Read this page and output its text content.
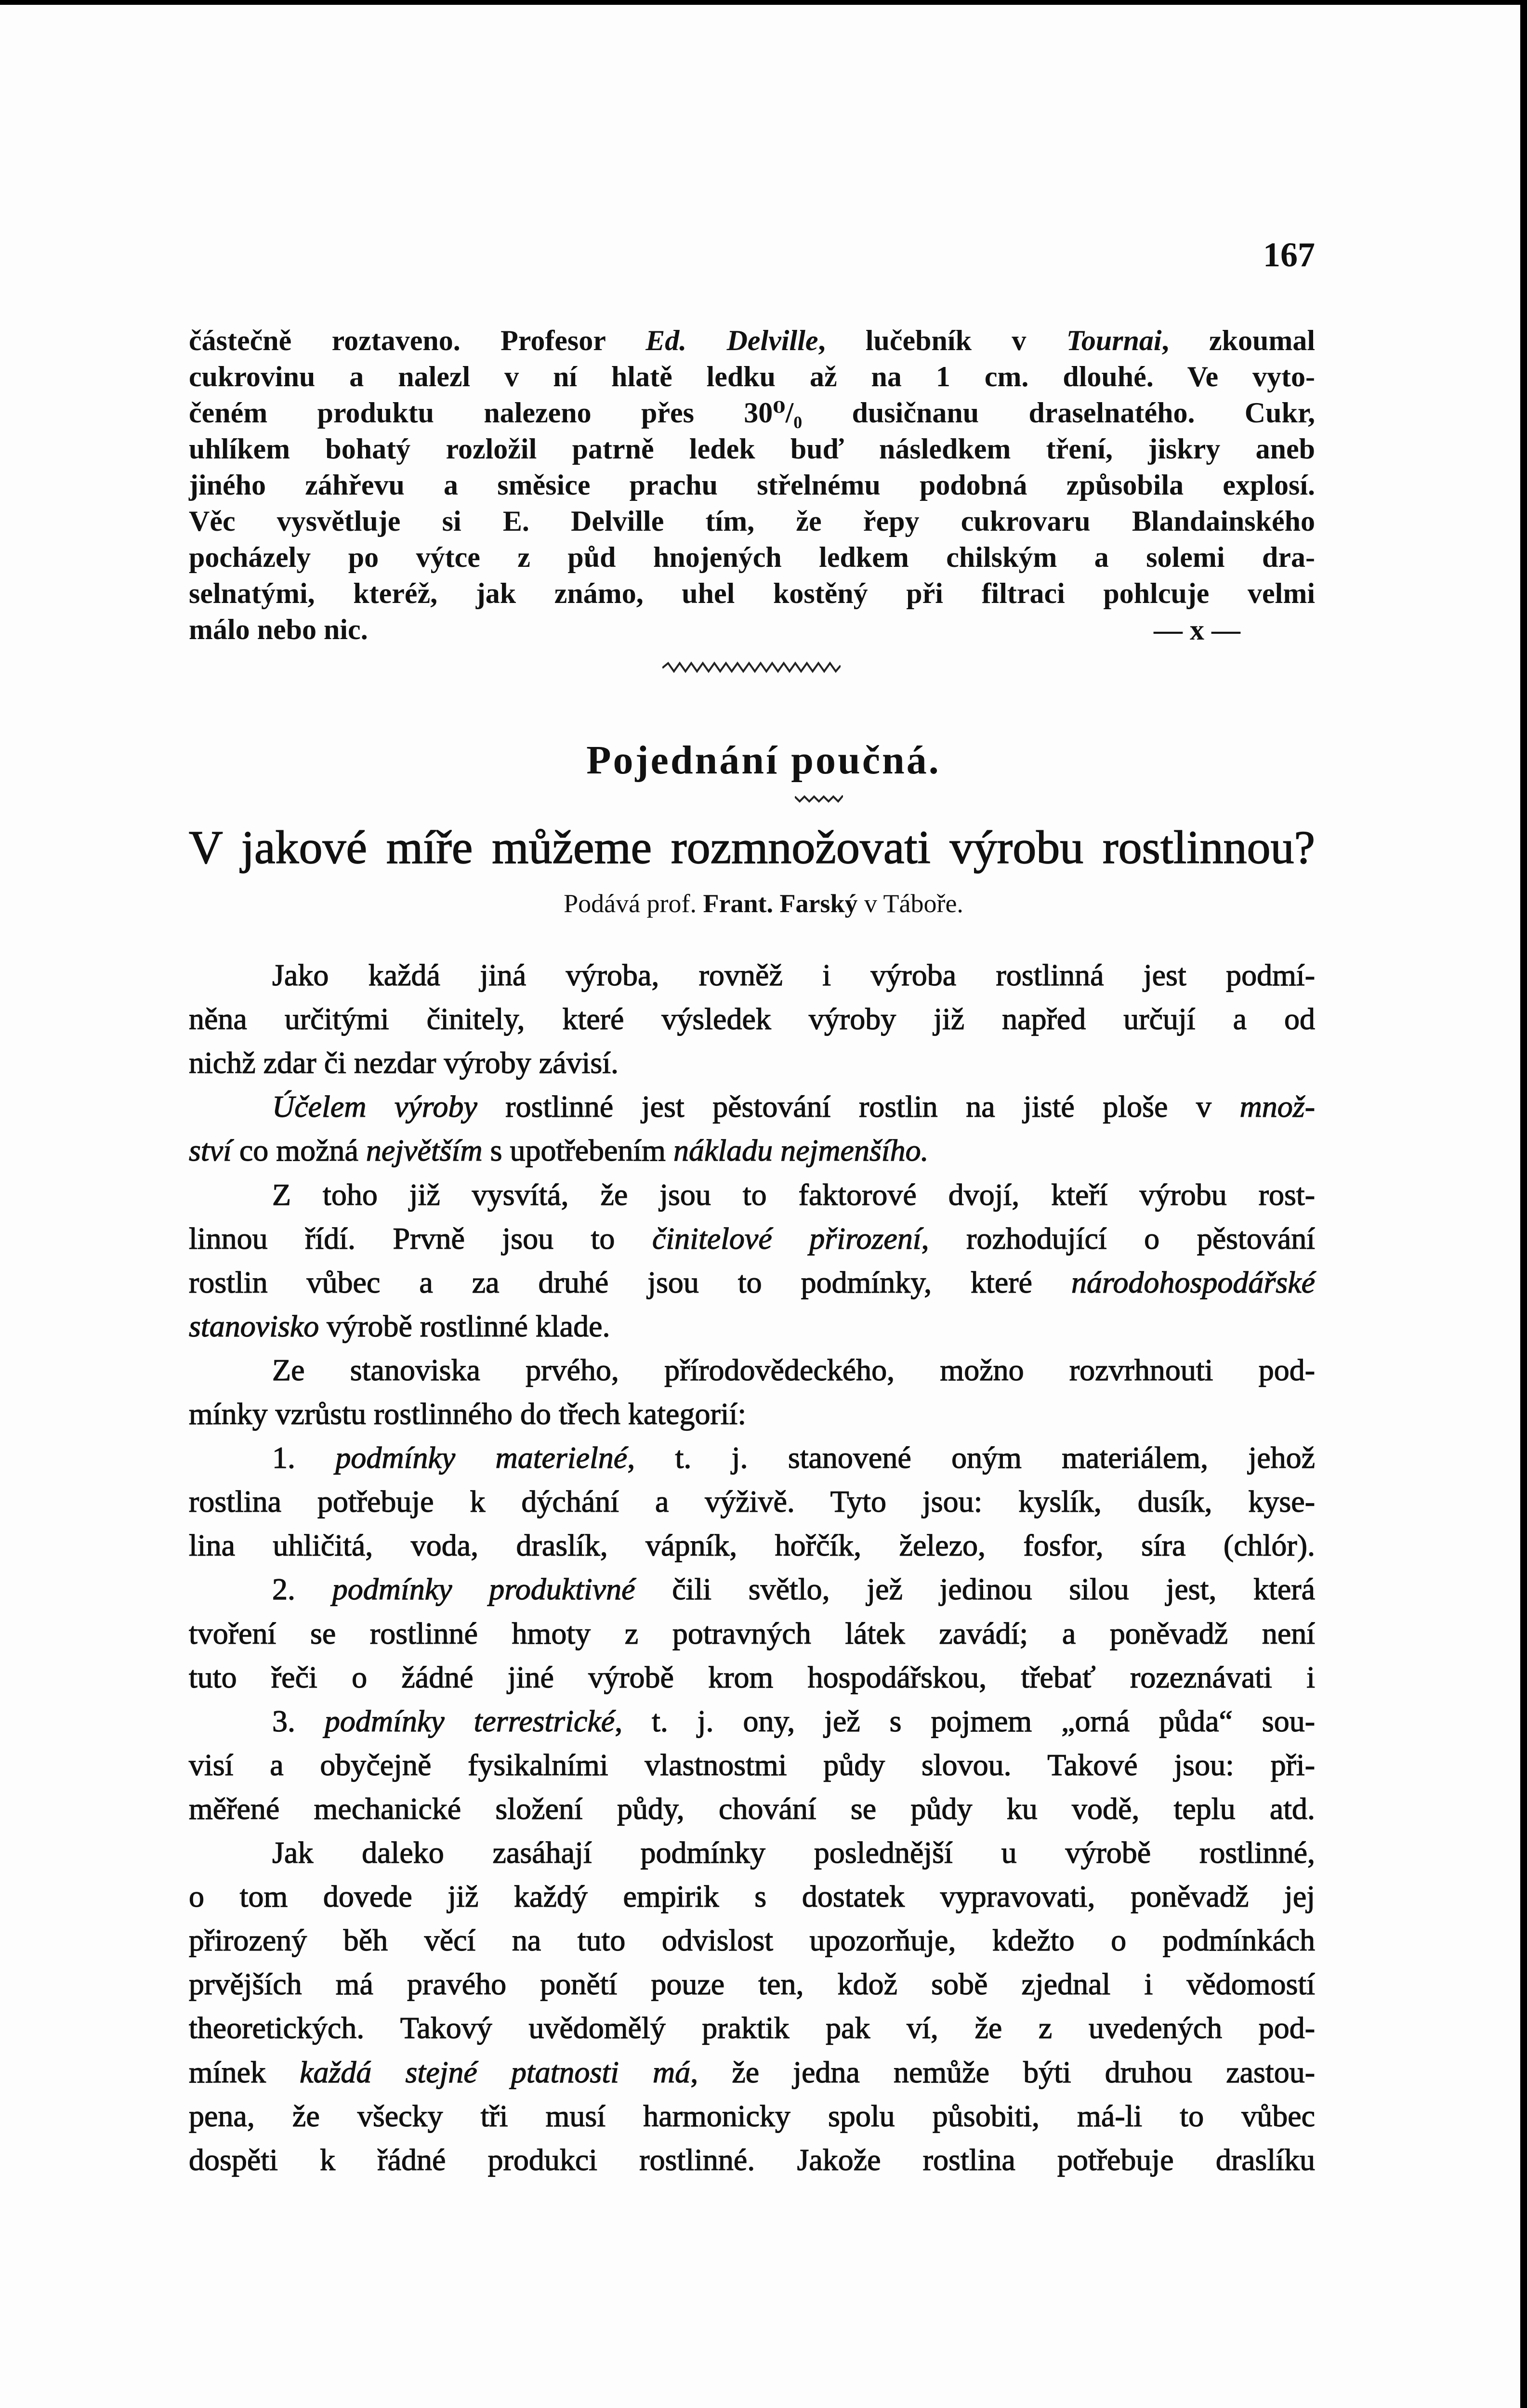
167
částečně roztaveno. Profesor Ed. Delville, lučebník v Tournai, zkoumal
cukrovinu a nalezl v ní hlatě ledku až na 1 cm. dlouhé. Ve vyto-
čeném produktu nalezeno přes 30⁰/₀ dusičnanu draselnatého. Cukr,
uhlíkem bohatý rozložil patrně ledek buď následkem tření, jiskry aneb
jiného záhřevu a směsice prachu střelnému podobná způsobila explosí.
Věc vysvětluje si E. Delville tím, že řepy cukrovaru Blandainského
pocházely po výtce z půd hnojených ledkem chilským a solemi dra-
selnatými, kteréž, jak známo, uhel kostěný při filtraci pohlcuje velmi
málo nebo nic.	— x —
Pojednání poučná.
V jakové míře můžeme rozmnožovati výrobu rostlinnou?
Podává prof. Frant. Farský v Táboře.
Jako každá jiná výroba, rovněž i výroba rostlinná jest podmí-
něna určitými činitely, které výsledek výroby již napřed určují a od
nichž zdar či nezdar výroby závisí.
Účelem výroby rostlinné jest pěstování rostlin na jisté ploše v množ-
ství co možná největším s upotřebením nákladu nejmenšího.
Z toho již vysvítá, že jsou to faktorové dvojí, kteří výrobu rost-
linnou řídí. Prvně jsou to činitelové přirození, rozhodující o pěstování
rostlin vůbec a za druhé jsou to podmínky, které národohospodářské
stanovisko výrobě rostlinné klade.
Ze stanoviska prvého, přírodovědeckého, možno rozvrhnouti pod-
mínky vzrůstu rostlinného do třech kategorií:
1. podmínky materielné, t. j. stanovené oným materiálem, jehož
rostlina potřebuje k dýchání a výživě. Tyto jsou: kyslík, dusík, kyse-
lina uhličitá, voda, draslík, vápník, hořčík, železo, fosfor, síra (chlór).
2. podmínky produktivné čili světlo, jež jedinou silou jest, která
tvoření se rostlinné hmoty z potravných látek zavádí; a poněvadž není
tuto řeči o žádné jiné výrobě krom hospodářskou, třebať rozeznávati i
3. podmínky terrestrické, t. j. ony, jež s pojmem „orná půda“ sou-
visí a obyčejně fysikalními vlastnostmi půdy slovou. Takové jsou: při-
měřené mechanické složení půdy, chování se půdy ku vodě, teplu atd.
Jak daleko zasáhají podmínky poslednější u výrobě rostlinné,
o tom dovede již každý empirik s dostatek vypravovati, poněvadž jej
přirozený běh věcí na tuto odvislost upozorňuje, kdežto o podmínkách
prvějších má pravého ponětí pouze ten, kdož sobě zjednal i vědomostí
theoretických. Takový uvědomělý praktik pak ví, že z uvedených pod-
mínek každá stejné ptatnosti má, že jedna nemůže býti druhou zastou-
pena, že všecky tři musí harmonicky spolu působiti, má-li to vůbec
dospěti k řádné produkci rostlinné. Jakože rostlina potřebuje draslíku
